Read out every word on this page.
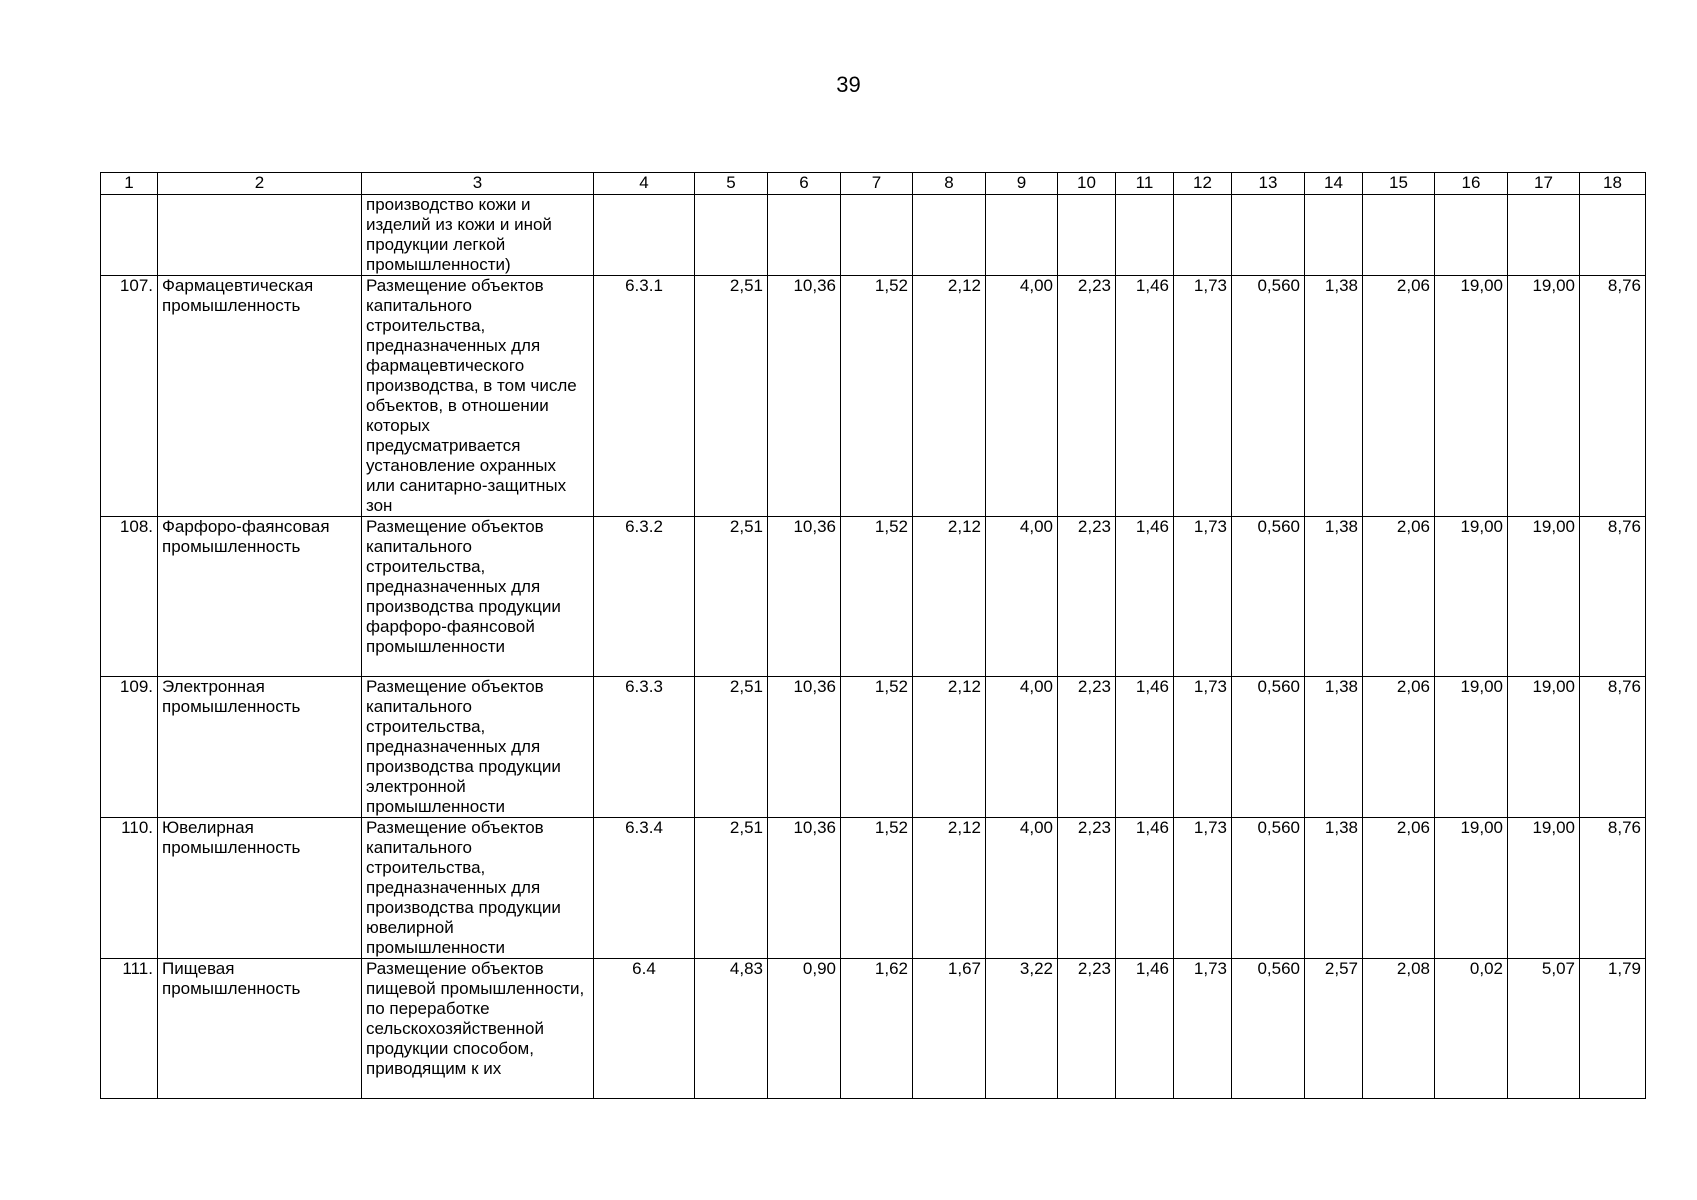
39
1	2	3	4	5	6	7	8	9	10	11	12	13	14	15	16	17	18
		производство кожи и изделий из кожи и иной продукции легкой промышленности)															
107.	Фармацевтическая промышленность	Размещение объектов капитального строительства, предназначенных для фармацевтического производства, в том числе объектов, в отношении которых предусматривается установление охранных или санитарно-защитных зон	6.3.1	2,51	10,36	1,52	2,12	4,00	2,23	1,46	1,73	0,560	1,38	2,06	19,00	19,00	8,76
108.	Фарфоро-фаянсовая промышленность	Размещение объектов капитального строительства, предназначенных для производства продукции фарфоро-фаянсовой промышленности	6.3.2	2,51	10,36	1,52	2,12	4,00	2,23	1,46	1,73	0,560	1,38	2,06	19,00	19,00	8,76
109.	Электронная промышленность	Размещение объектов капитального строительства, предназначенных для производства продукции электронной промышленности	6.3.3	2,51	10,36	1,52	2,12	4,00	2,23	1,46	1,73	0,560	1,38	2,06	19,00	19,00	8,76
110.	Ювелирная промышленность	Размещение объектов капитального строительства, предназначенных для производства продукции ювелирной промышленности	6.3.4	2,51	10,36	1,52	2,12	4,00	2,23	1,46	1,73	0,560	1,38	2,06	19,00	19,00	8,76
111.	Пищевая промышленность	Размещение объектов пищевой промышленности, по переработке сельскохозяйственной продукции способом, приводящим к их	6.4	4,83	0,90	1,62	1,67	3,22	2,23	1,46	1,73	0,560	2,57	2,08	0,02	5,07	1,79
